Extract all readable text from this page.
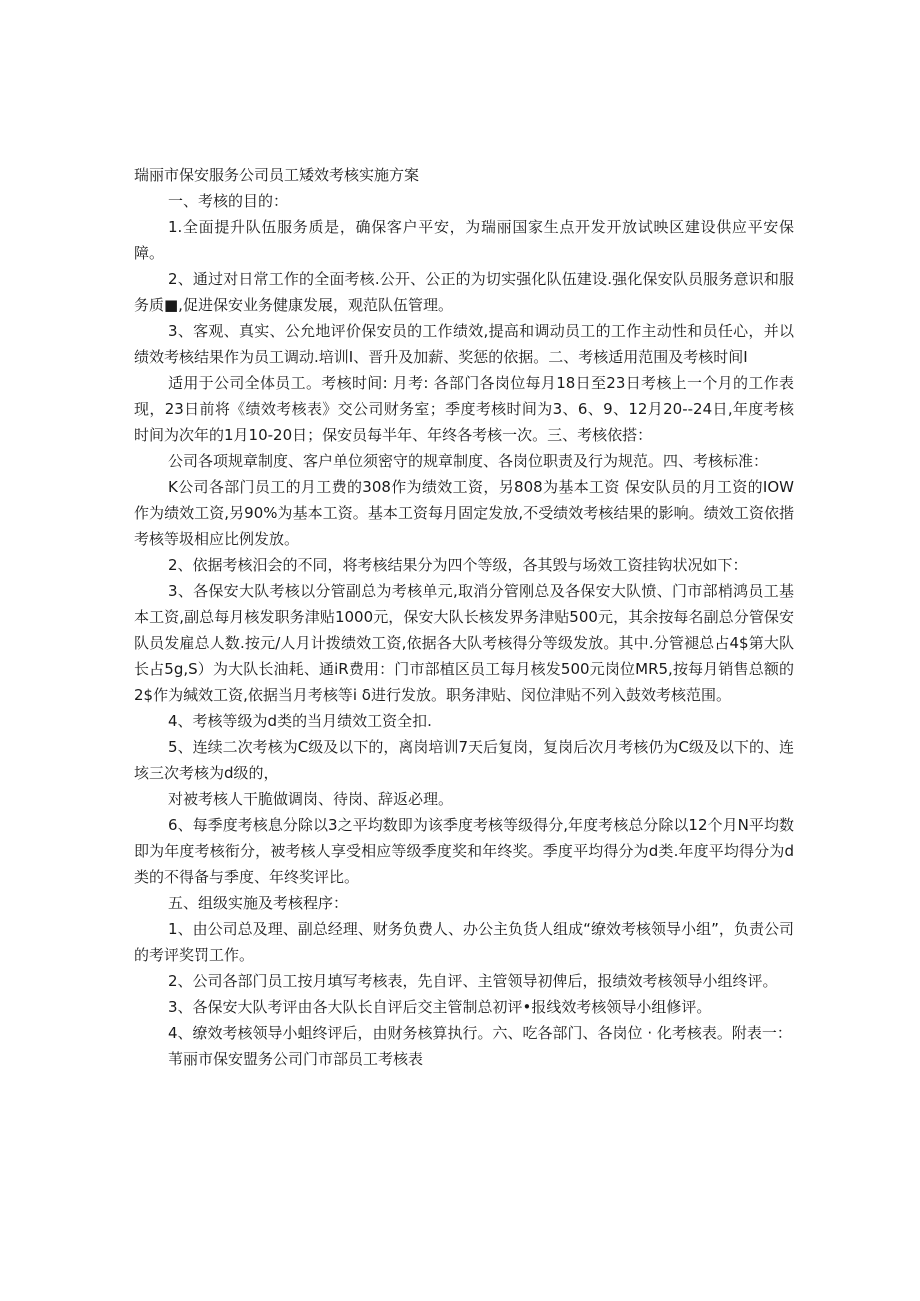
瑞丽市保安服务公司员工矮效考核实施方案

一、考核的目的：

1.全面提升队伍服务质是，确保客户平安，为瑞丽国家生点开发开放试映区建设供应平安保障。

2、通过对日常工作的全面考核.公开、公正的为切实强化队伍建设.强化保安队员服务意识和服务质■,促进保安业务健康发展，观范队伍管理。

3、客观、真实、公允地评价保安员的工作绩效,提高和调动员工的工作主动性和员任心，并以绩效考核结果作为员工调动.培训I、晋升及加薪、奖惩的依据。二、考核适用范围及考核时间I

适用于公司全体员工。考核时间: 月考: 各部门各岗位每月18日至23日考核上一个月的工作表现，23日前将《绩效考核表》交公司财务室；季度考核时间为3、6、9、12月20--24日,年度考核时间为次年的1月10-20日；保安员每半年、年终各考核一次。三、考核依搭：

公司各项规章制度、客户单位须密守的规章制度、各岗位职责及行为规范。四、考核标准：

K公司各部门员工的月工费的308作为绩效工资，另808为基本工资 保安队员的月工资的IOW作为绩效工资,另90%为基本工资。基本工资每月固定发放,不受绩效考核结果的影响。绩效工资依揩考核等圾相应比例发放。

2、依据考核汨会的不同，将考核结果分为四个等级，各其毁与场效工资挂钩状况如下：

3、各保安大队考核以分管副总为考核单元,取消分管刚总及各保安大队愤、门市部梢鸿员工基本工资,副总每月核发职务津贴1000元，保安大队长核发界务津贴500元，其余按每名副总分管保安队员发雇总人数.按元/人月计拨绩效工资,依据各大队考核得分等级发放。其中.分管褪总占4$第大队长占5g,S）为大队长油耗、通iR费用：门市部植区员工每月核发500元岗位MR5,按每月销售总额的2$作为缄效工资,依据当月考核等i δ进行发放。职务津贴、闵位津贴不列入鼓效考核范围。

4、考核等级为d类的当月绩效工资全扣.

5、连续二次考核为C级及以下的，离岗培训7天后复岗，复岗后次月考核仍为C级及以下的、连垓三次考核为d级的，

对被考核人干脆做调岗、待岗、辞返必理。

6、每季度考核息分除以3之平均数即为该季度考核等级得分,年度考核总分除以12个月N平均数即为年度考核衔分，被考核人享受相应等级季度奖和年终奖。季度平均得分为d类.年度平均得分为d类的不得备与季度、年终奖评比。

五、组级实施及考核程序：

1、由公司总及理、副总经理、财务负费人、办公主负货人组成“缭效考核领导小组”，负责公司的考评奖罚工作。

2、公司各部门员工按月填写考核表，先自评、主管领导初俾后，报绩效考核领导小组终评。

3、各保安大队考评由各大队长自评后交主管制总初评•报线效考核领导小组修评。

4、缭效考核领导小蛆终评后，由财务核算执行。六、吃各部门、各岗位 · 化考核表。附表一：

苇丽市保安盟务公司门市部员工考核表
